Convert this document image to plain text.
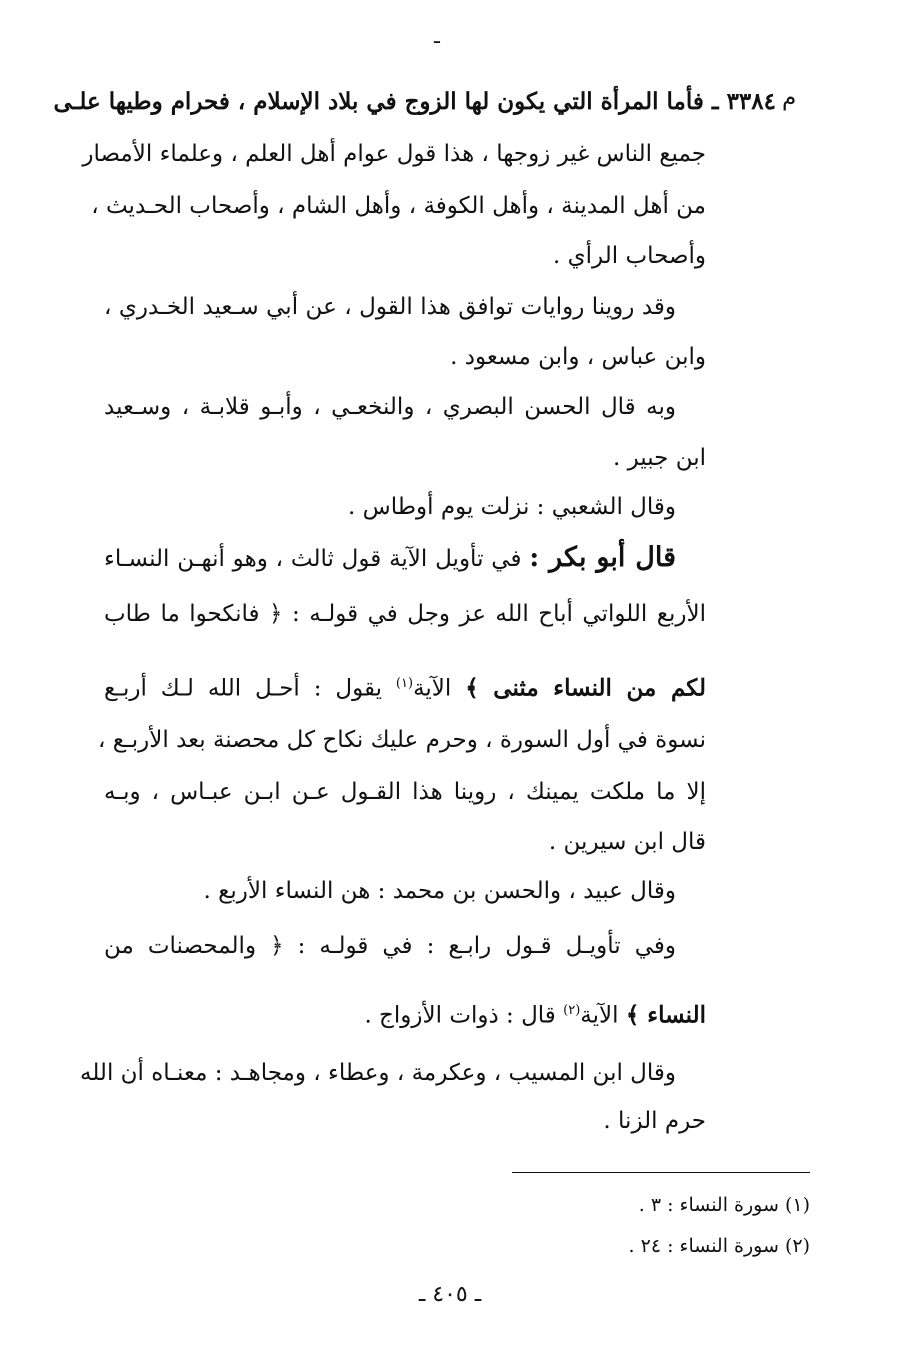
ـ
م
٣٣٨٤ ـ فأما المرأة التي يكون لها الزوج في بلاد الإسلام ، فحرام وطيها علـى
جميع الناس غير زوجها ، هذا قول عوام أهل العلم ، وعلماء الأمصار
من أهل المدينة ، وأهل الكوفة ، وأهل الشام ، وأصحاب الحـديث ،
وأصحاب الرأي .
وقد روينا روايات توافق هذا القول ، عن أبي سـعيد الخـدري ،
وابن عباس ، وابن مسعود .
وبه قال الحسن البصري ، والنخعـي ، وأبـو قلابـة ، وسـعيد
ابن جبير .
وقال الشعبي : نزلت يوم أوطاس .
قال أبو بكر : في تأويل الآية قول ثالث ، وهو أنهـن النسـاء
الأربع اللواتي أباح الله عز وجل في قولـه : ﴿ فانكحوا ما طاب
لكم من النساء مثنى ﴾ الآية$^{(١)}$ يقول : أحـل الله لـك أربـع
نسوة في أول السورة ، وحرم عليك نكاح كل محصنة بعد الأربـع ،
إلا ما ملكت يمينك ، روينا هذا القـول عـن ابـن عبـاس ، وبـه
قال ابن سيرين .
وقال عبيد ، والحسن بن محمد : هن النساء الأربع .
وفي تأويـل قـول رابـع : في قولـه : ﴿ والمحصنات من
النساء ﴾ الآية$^{(٢)}$ قال : ذوات الأزواج .
وقال ابن المسيب ، وعكرمة ، وعطاء ، ومجاهـد : معنـاه أن الله
حرم الزنا .
(١) سورة النساء : ٣ .
(٢) سورة النساء : ٢٤ .
ـ ٤٠٥ ـ
